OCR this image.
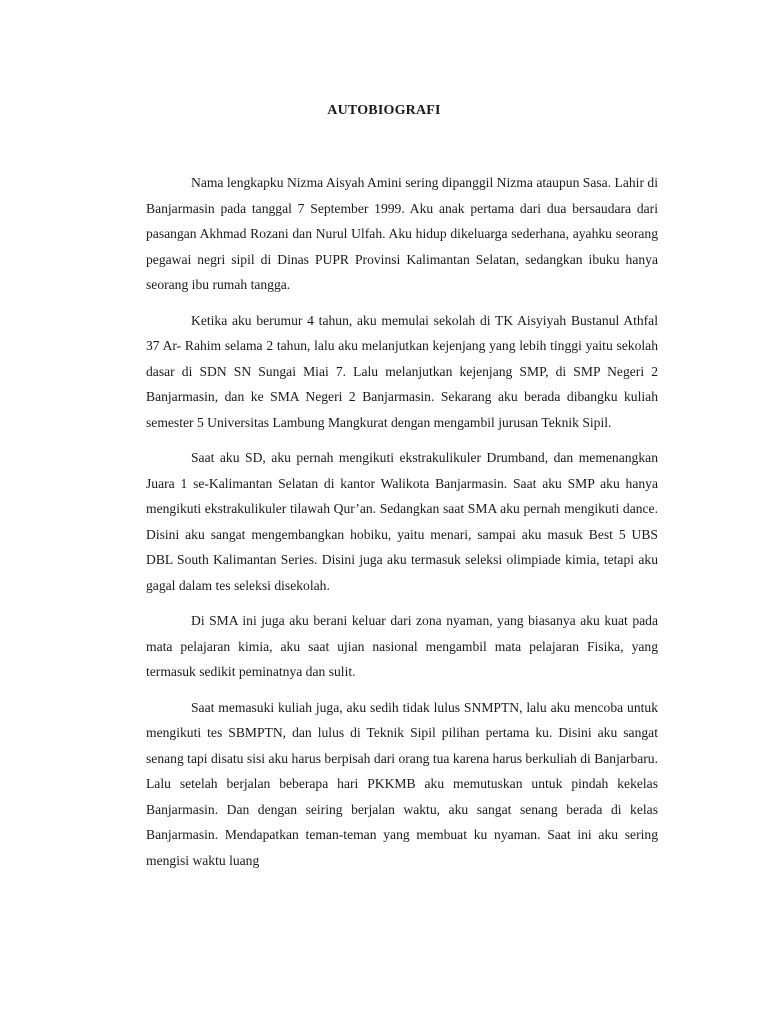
AUTOBIOGRAFI

Nama lengkapku Nizma Aisyah Amini sering dipanggil Nizma ataupun Sasa. Lahir di Banjarmasin pada tanggal 7 September 1999. Aku anak pertama dari dua bersaudara dari pasangan Akhmad Rozani dan Nurul Ulfah. Aku hidup dikeluarga sederhana, ayahku seorang pegawai negri sipil di Dinas PUPR Provinsi Kalimantan Selatan, sedangkan ibuku hanya seorang ibu rumah tangga.

Ketika aku berumur 4 tahun, aku memulai sekolah di TK Aisyiyah Bustanul Athfal 37 Ar- Rahim selama 2 tahun, lalu aku melanjutkan kejenjang yang lebih tinggi yaitu sekolah dasar di SDN SN Sungai Miai 7. Lalu melanjutkan kejenjang SMP, di SMP Negeri 2 Banjarmasin, dan ke SMA Negeri 2 Banjarmasin. Sekarang aku berada dibangku kuliah semester 5 Universitas Lambung Mangkurat dengan mengambil jurusan Teknik Sipil.

Saat aku SD, aku pernah mengikuti ekstrakulikuler Drumband, dan memenangkan Juara 1 se-Kalimantan Selatan di kantor Walikota Banjarmasin. Saat aku SMP aku hanya mengikuti ekstrakulikuler tilawah Qur’an. Sedangkan saat SMA aku pernah mengikuti dance. Disini aku sangat mengembangkan hobiku, yaitu menari, sampai aku masuk Best 5 UBS DBL South Kalimantan Series. Disini juga aku termasuk seleksi olimpiade kimia, tetapi aku gagal dalam tes seleksi disekolah.

Di SMA ini juga aku berani keluar dari zona nyaman, yang biasanya aku kuat pada mata pelajaran kimia, aku saat ujian nasional mengambil mata pelajaran Fisika, yang termasuk sedikit peminatnya dan sulit.

Saat memasuki kuliah juga, aku sedih tidak lulus SNMPTN, lalu aku mencoba untuk mengikuti tes SBMPTN, dan lulus di Teknik Sipil pilihan pertama ku. Disini aku sangat senang tapi disatu sisi aku harus berpisah dari orang tua karena harus berkuliah di Banjarbaru. Lalu setelah berjalan beberapa hari PKKMB aku memutuskan untuk pindah kekelas Banjarmasin. Dan dengan seiring berjalan waktu, aku sangat senang berada di kelas Banjarmasin. Mendapatkan teman-teman yang membuat ku nyaman. Saat ini aku sering mengisi waktu luang
